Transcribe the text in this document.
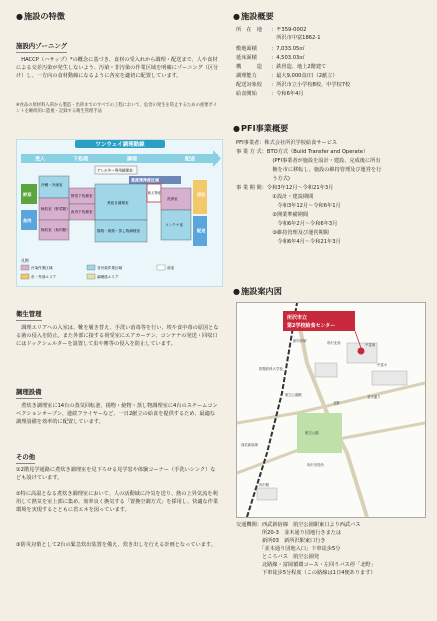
● 施設の特徴
施設内ゾーニング
HACCP（ハサップ）*の概念に基づき、食材の受入れから調理・配送まで、人や食材による交差汚染が発生しないよう、汚染・非汚染の作業区域を明確にゾーニング（区分け）し、一方向の食材動線になるように各室を適切に配置しています。
※食品の原材料入荷から製造・出荷までのすべての工程において、危害の発生を防止するための重要ポイントを継続的に監視・記録する衛生管理手法
ワンウェイ調理動線
受入	下処理	調理	配送
冷蔵・冷凍室
野菜下処理室
魚肉下処理室
検収室（野菜類）
検収室（魚肉類）
アレルギー専用調理室
高度清浄度区域
煮炊き調理室
揚物・焼物・蒸し物調理室
和え物室
洗浄室
コンテナ室
回収
配送
野菜
魚肉
凡例
汚染作業区域	非汚染作業区域	前室
市・外部エリア	調理員エリア
衛生管理
調理エリアへの入室は、靴を履き替え、手洗い消毒等を行い、埃や食中毒の原因となる菌の侵入を防止。また外部に接する荷受室にエアカーテン、コンテナの発送・回収口にはドックシェルターを設置して虫や塵等の侵入を防止しています。
調理設備
煮炊き調理室に14台の蒸気回転釜、揚物・焼物・蒸し物調理室に4台のスチームコンベクションオーブン、連続フライヤーなど、一日2献立の給食を提供するため、最適な調理設備を効率的に配置しています。
その他
①2階見学通路に煮炊き調理室を見下ろせる見学窓や体験コーナー（手洗いシンク）なども設けています。
②特に高温となる煮炊き調理室において、人の活動域に冷気を送り、熱の上昇気流を利用して熱気を室上部に集め、効率良く換気する「置換空調方式」を採用し、快適な作業環境を実現するとともに省エネを図っています。
③防災対策として2台の緊急炊出装置を備え、炊き出しを行える計画となっています。
● 施設概要
所　在　地	： 〒359-0002
所沢市中富1862-1
敷地面積	： 7,033.05㎡
延床面積	： 4,503.03㎡
構　　　造	： 鉄骨造、地上2階建て
調理能力	： 最大9,000食/日（2献立）
配送対象校	： 所沢市立小学校8校、中学校7校
給食開始	： 令和6年4月
● PFI事業概要
PFI事業者：株式会社所沢学校給食サービス
事 業 方 式：BTO方式（Build Transfer and Operate）
　　　　　　　(PFI事業者が施設を設計・建設、完成後に所有
　　　　　　　権を市に移転し、施設の維持管理及び運営を行
　　　　　　　う方式)
事 業 期 間：令和3年12月～令和21年3月
　　　　　　　①設計・建設期間
　　　　　　　　令和3年12月～令和6年1月
　　　　　　　②開業準備期間
　　　　　　　　令和6年2月～令和6年3月
　　　　　　　③維持管理及び運営期間
　　　　　　　　令和6年4月～令和21年3月
● 施設案内図
所沢市立
第2学校給食センター
中富南
所沢北高
新所沢駅
航空公園駅
所沢駅
西武新宿線
航空公園
所沢市役所
防衛医科大学校
北野
中富小
並木通り
交通機関：西武新宿線　航空公園駅東口より西武バス
　　　　　所20-3　並木通り団地行きまたは
　　　　　新所03　新所沢駅東口行き
　　　　　「並木通り団地入口」下車徒歩5分
　　　　　ところバス　航空公園発
　　　　　北路線・富岡循環コース・左回りバス停「北野」
　　　　　下車徒歩5分程度（この路線は1日4便あります）
